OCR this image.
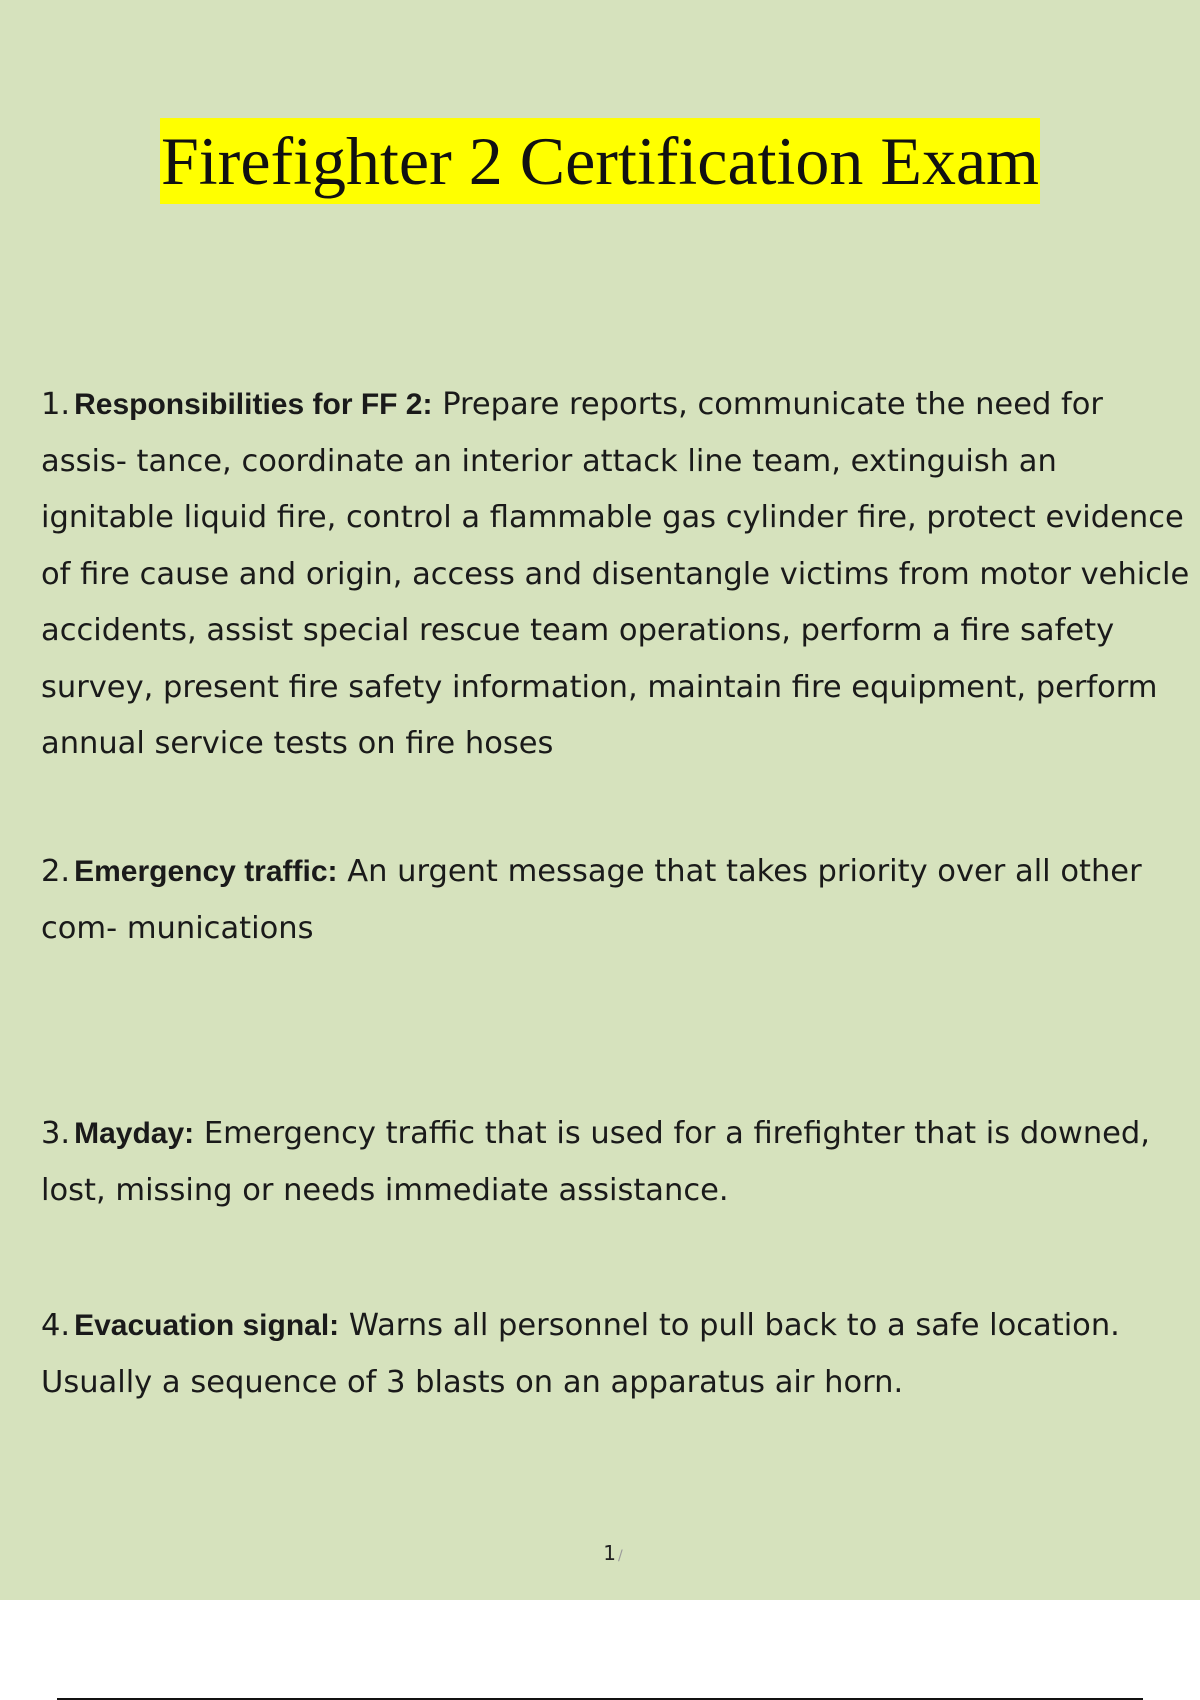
Firefighter 2 Certification Exam
1. Responsibilities for FF 2: Prepare reports, communicate the need for assis- tance, coordinate an interior attack line team, extinguish an ignitable liquid fire, control a flammable gas cylinder fire, protect evidence of fire cause and origin, access and disentangle victims from motor vehicle accidents, assist special rescue team operations, perform a fire safety survey, present fire safety information, maintain fire equipment, perform annual service tests on fire hoses
2. Emergency traffic: An urgent message that takes priority over all other com- munications
3. Mayday: Emergency traffic that is used for a firefighter that is downed, lost, missing or needs immediate assistance.
4. Evacuation signal: Warns all personnel to pull back to a safe location. Usually a sequence of 3 blasts on an apparatus air horn.
1 /
